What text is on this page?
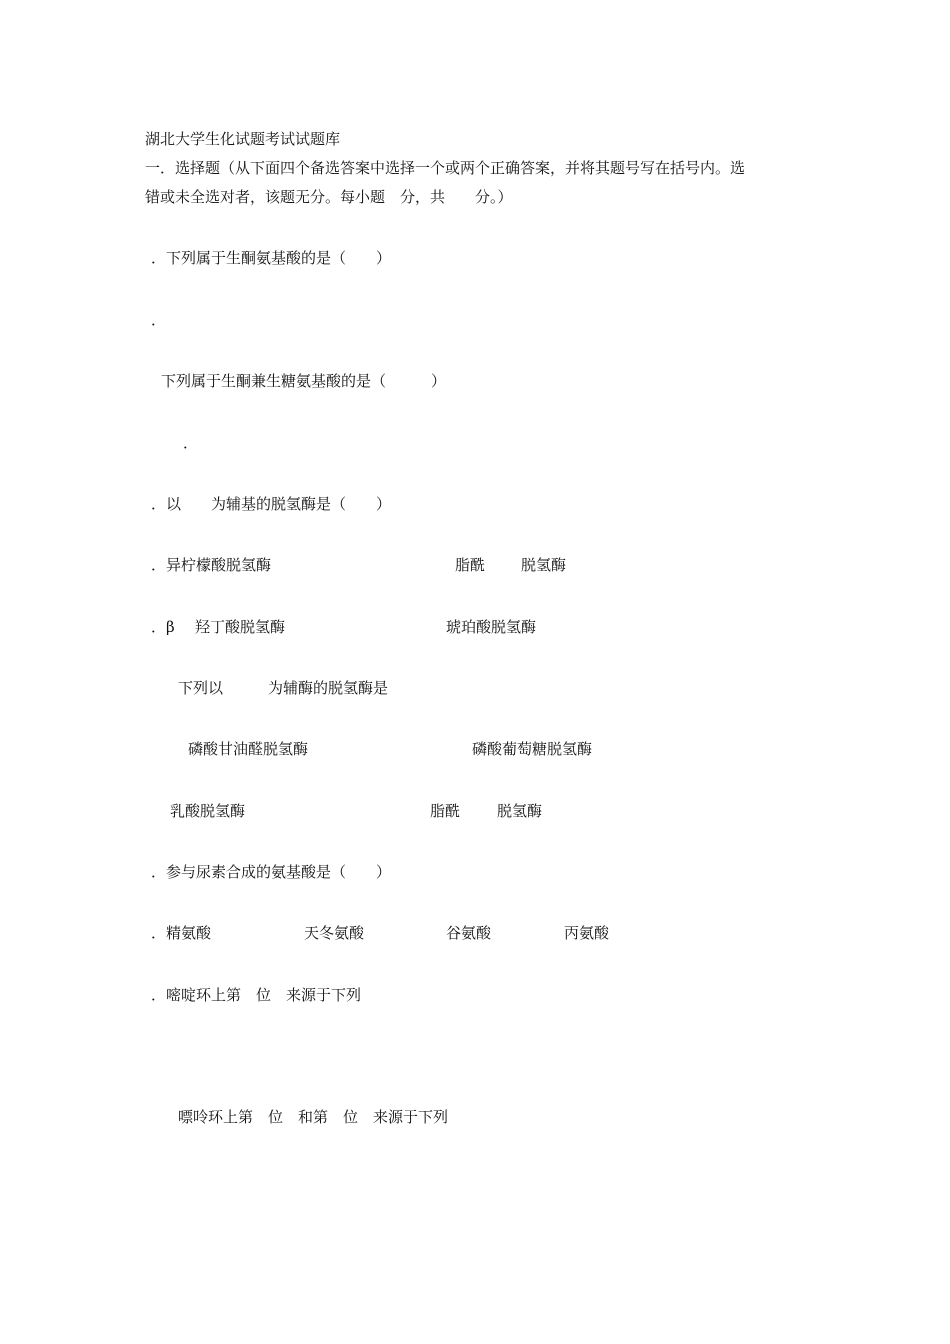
湖北大学生化试题考试试题库
一．选择题（从下面四个备选答案中选择一个或两个正确答案，并将其题号写在括号内。选
错或未全选对者，该题无分。每小题　分，共　　分。）
．下列属于生酮氨基酸的是（　　）
．
下列属于生酮兼生糖氨基酸的是（　　　）
．
．以　　为辅基的脱氢酶是（　　）
．异柠檬酸脱氢酶	脂酰 脱氢酶
．β 羟丁酸脱氢酶	琥珀酸脱氢酶
下列以　　　为辅酶的脱氢酶是
磷酸甘油醛脱氢酶	磷酸葡萄糖脱氢酶
乳酸脱氢酶	脂酰 脱氢酶
．参与尿素合成的氨基酸是（　　）
．精氨酸	天冬氨酸	谷氨酸	丙氨酸
．嘧啶环上第　位　来源于下列
嘌呤环上第　位　和第　位　来源于下列
